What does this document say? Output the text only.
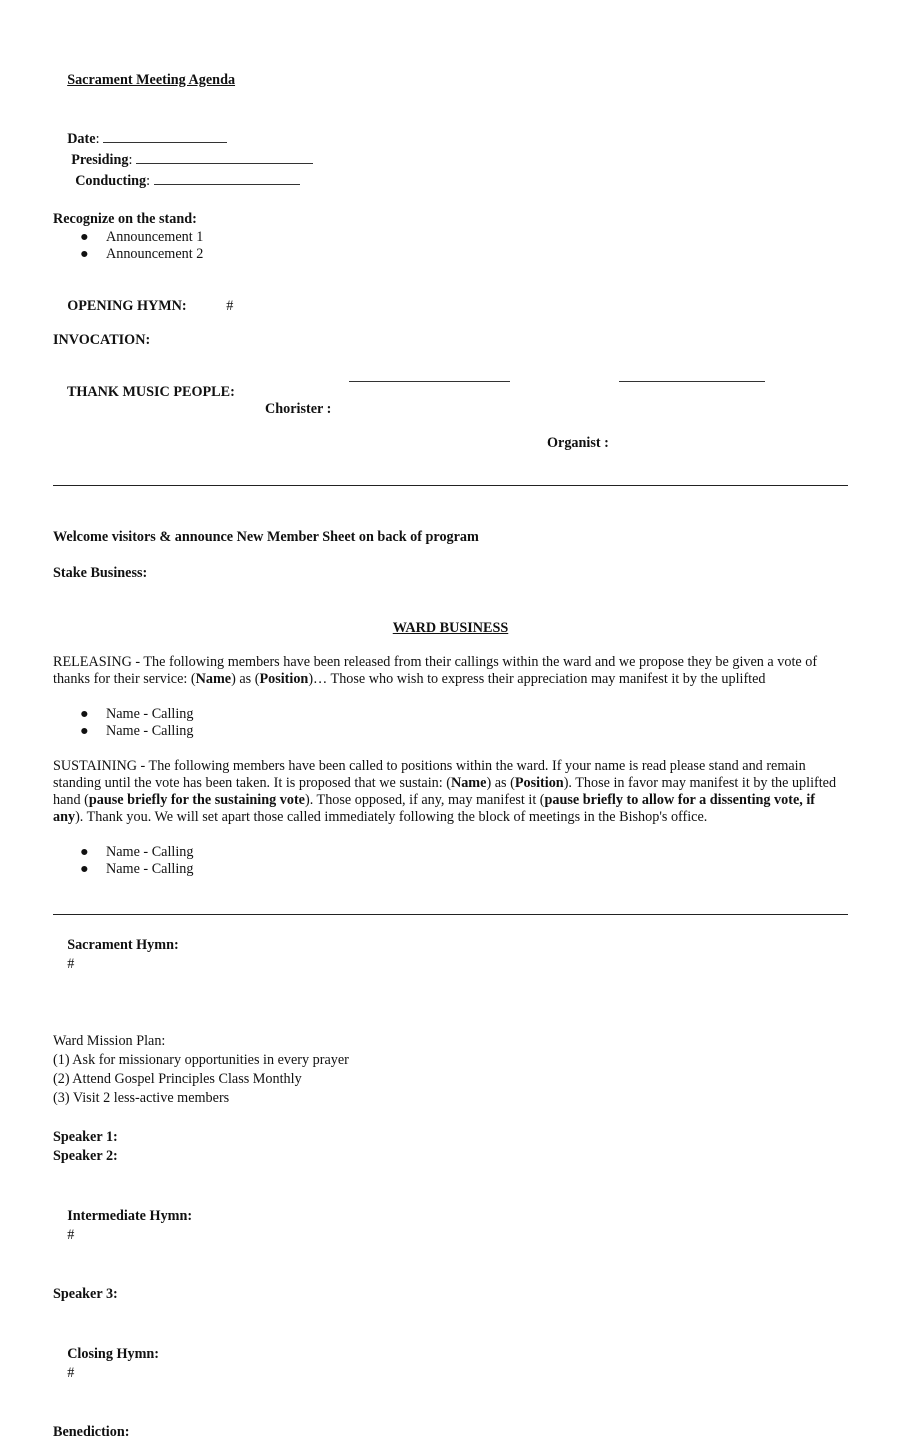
Sacrament Meeting Agenda

Date:
Presiding:
Conducting:

Recognize on the stand:
● Announcement 1
● Announcement 2

OPENING HYMN:	#

INVOCATION:

THANK MUSIC PEOPLE:

Chorister :

Organist :

Welcome visitors & announce New Member Sheet on back of program
Stake Business:
WARD BUSINESS
RELEASING - The following members have been released from their callings within the ward and we propose they be given a vote of thanks for their service: (Name) as (Position)… Those who wish to express their appreciation may manifest it by the uplifted
● Name - Calling
● Name - Calling
SUSTAINING - The following members have been called to positions within the ward. If your name is read please stand and remain standing until the vote has been taken. It is proposed that we sustain: (Name) as (Position). Those in favor may manifest it by the uplifted hand (pause briefly for the sustaining vote). Those opposed, if any, may manifest it (pause briefly to allow for a dissenting vote, if any). Thank you. We will set apart those called immediately following the block of meetings in the Bishop's office.
● Name - Calling
● Name - Calling

Sacrament Hymn:
#

Ward Mission Plan:
(1) Ask for missionary opportunities in every prayer
(2) Attend Gospel Principles Class Monthly
(3) Visit 2 less-active members
Speaker 1:
Speaker 2:

Intermediate Hymn:
#

Speaker 3:

Closing Hymn:
#

Benediction:
